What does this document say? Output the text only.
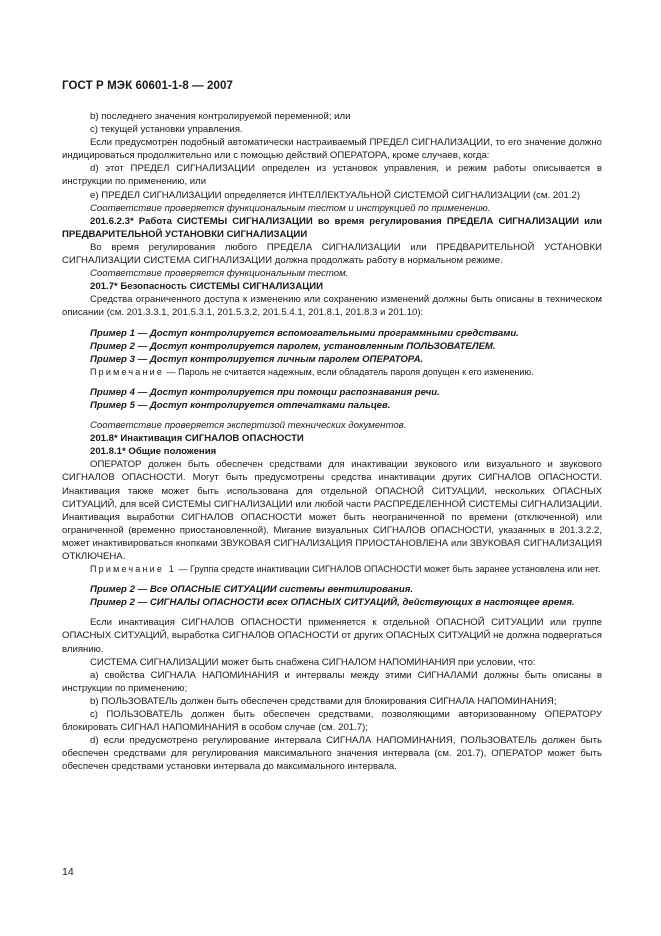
ГОСТ Р МЭК 60601-1-8 — 2007

b) последнего значения контролируемой переменной; или

c) текущей установки управления.

Если предусмотрен подобный автоматически настраиваемый ПРЕДЕЛ СИГНАЛИЗАЦИИ, то его значение должно индицироваться продолжительно или с помощью действий ОПЕРАТОРА, кроме случаев, когда:

d) этот ПРЕДЕЛ СИГНАЛИЗАЦИИ определен из установок управления, и режим работы описывается в инструкции по применению, или

e) ПРЕДЕЛ СИГНАЛИЗАЦИИ определяется ИНТЕЛЛЕКТУАЛЬНОЙ СИСТЕМОЙ СИГНАЛИЗАЦИИ (см. 201.2)

Соответствие проверяется функциональным тестом и инструкцией по применению.

201.6.2.3* Работа СИСТЕМЫ СИГНАЛИЗАЦИИ во время регулирования ПРЕДЕЛА СИГНАЛИЗАЦИИ или ПРЕДВАРИТЕЛЬНОЙ УСТАНОВКИ СИГНАЛИЗАЦИИ

Во время регулирования любого ПРЕДЕЛА СИГНАЛИЗАЦИИ или ПРЕДВАРИТЕЛЬНОЙ УСТАНОВКИ СИГНАЛИЗАЦИИ СИСТЕМА СИГНАЛИЗАЦИИ должна продолжать работу в нормальном режиме.

Соответствие проверяется функциональным тестом.

201.7* Безопасность СИСТЕМЫ СИГНАЛИЗАЦИИ

Средства ограниченного доступа к изменению или сохранению изменений должны быть описаны в техническом описании (см. 201.3.3.1, 201.5.3.1, 201.5.3.2, 201.5.4.1, 201.8.1, 201.8.3 и 201.10):

Пример 1 — Доступ контролируется вспомогательными программными средствами.

Пример 2 — Доступ контролируется паролем, установленным ПОЛЬЗОВАТЕЛЕМ.

Пример 3 — Доступ контролируется личным паролем ОПЕРАТОРА.

Примечание — Пароль не считается надежным, если обладатель пароля допущен к его изменению.

Пример 4 — Доступ контролируется при помощи распознавания речи.

Пример 5 — Доступ контролируется отпечатками пальцев.

Соответствие проверяется экспертизой технических документов.

201.8* Инактивация СИГНАЛОВ ОПАСНОСТИ

201.8.1* Общие положения

ОПЕРАТОР должен быть обеспечен средствами для инактивации звукового или визуального и звукового СИГНАЛОВ ОПАСНОСТИ. Могут быть предусмотрены средства инактивации других СИГНАЛОВ ОПАСНОСТИ. Инактивация также может быть использована для отдельной ОПАСНОЙ СИТУАЦИИ, нескольких ОПАСНЫХ СИТУАЦИЙ, для всей СИСТЕМЫ СИГНАЛИЗАЦИИ или любой части РАСПРЕДЕЛЕННОЙ СИСТЕМЫ СИГНАЛИЗАЦИИ. Инактивация выработки СИГНАЛОВ ОПАСНОСТИ может быть неограниченной по времени (отключенной) или ограниченной (временно приостановленной). Мигание визуальных СИГНАЛОВ ОПАСНОСТИ, указанных в 201.3.2.2, может инактивироваться кнопками ЗВУКОВАЯ СИГНАЛИЗАЦИЯ ПРИОСТАНОВЛЕНА или ЗВУКОВАЯ СИГНАЛИЗАЦИЯ ОТКЛЮЧЕНА.

Примечание 1 — Группа средств инактивации СИГНАЛОВ ОПАСНОСТИ может быть заранее установлена или нет.

Пример 2 — Все ОПАСНЫЕ СИТУАЦИИ системы вентилирования.

Пример 2 — СИГНАЛЫ ОПАСНОСТИ всех ОПАСНЫХ СИТУАЦИЙ, действующих в настоящее время.

Если инактивация СИГНАЛОВ ОПАСНОСТИ применяется к отдельной ОПАСНОЙ СИТУАЦИИ или группе ОПАСНЫХ СИТУАЦИЙ, выработка СИГНАЛОВ ОПАСНОСТИ от других ОПАСНЫХ СИТУАЦИЙ не должна подвергаться влиянию.

СИСТЕМА СИГНАЛИЗАЦИИ может быть снабжена СИГНАЛОМ НАПОМИНАНИЯ при условии, что:

a) свойства СИГНАЛА НАПОМИНАНИЯ и интервалы между этими СИГНАЛАМИ должны быть описаны в инструкции по применению;

b) ПОЛЬЗОВАТЕЛЬ должен быть обеспечен средствами для блокирования СИГНАЛА НАПОМИНАНИЯ;

c) ПОЛЬЗОВАТЕЛЬ должен быть обеспечен средствами, позволяющими авторизованному ОПЕРАТОРУ блокировать СИГНАЛ НАПОМИНАНИЯ в особом случае (см. 201.7);

d) если предусмотрено регулирование интервала СИГНАЛА НАПОМИНАНИЯ, ПОЛЬЗОВАТЕЛЬ должен быть обеспечен средствами для регулирования максимального значения интервала (см. 201.7), ОПЕРАТОР может быть обеспечен средствами установки интервала до максимального интервала.

14
